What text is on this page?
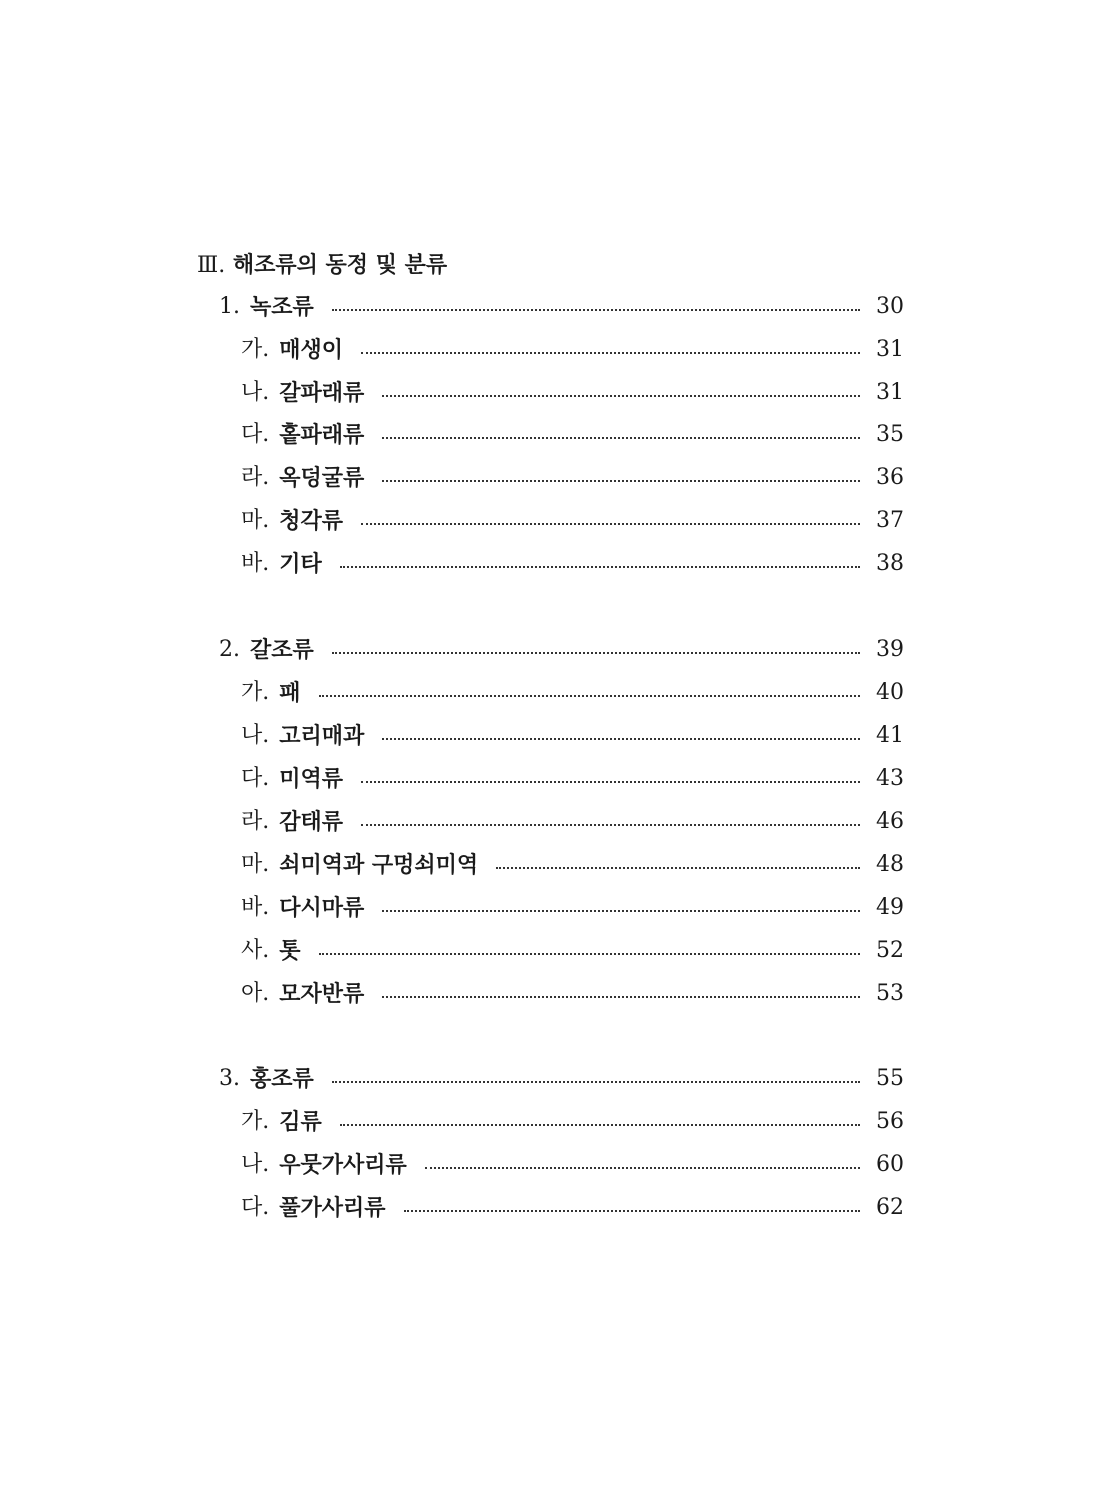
Ⅲ. 해조류의 동정 및 분류
1. 녹조류	30
가. 매생이	31
나. 갈파래류	31
다. 홑파래류	35
라. 옥덩굴류	36
마. 청각류	37
바. 기타	38
2. 갈조류	39
가. 패	40
나. 고리매과	41
다. 미역류	43
라. 감태류	46
마. 쇠미역과 구멍쇠미역	48
바. 다시마류	49
사. 톳	52
아. 모자반류	53
3. 홍조류	55
가. 김류	56
나. 우뭇가사리류	60
다. 풀가사리류	62
